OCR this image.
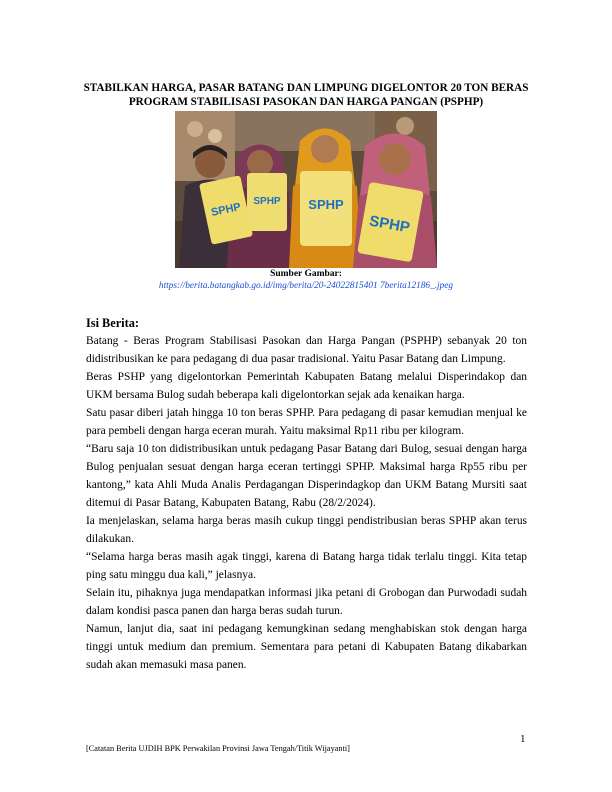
STABILKAN HARGA, PASAR BATANG DAN LIMPUNG DIGELONTOR 20 TON BERAS PROGRAM STABILISASI PASOKAN DAN HARGA PANGAN (PSPHP)
SPHP SPHP SPHP
SPHP
Sumber Gambar:
https://berita.batangkab.go.id/img/berita/20-24022815401 7berita12186_.jpeg
Isi Berita:

Batang - Beras Program Stabilisasi Pasokan dan Harga Pangan (PSPHP) sebanyak 20 ton didistribusikan ke para pedagang di dua pasar tradisional. Yaitu Pasar Batang dan Limpung.

Beras PSHP yang digelontorkan Pemerintah Kabupaten Batang melalui Disperindakop dan UKM bersama Bulog sudah beberapa kali digelontorkan sejak ada kenaikan harga.

Satu pasar diberi jatah hingga 10 ton beras SPHP. Para pedagang di pasar kemudian menjual ke para pembeli dengan harga eceran murah. Yaitu maksimal Rp11 ribu per kilogram.

“Baru saja 10 ton didistribusikan untuk pedagang Pasar Batang dari Bulog, sesuai dengan harga Bulog penjualan sesuat dengan harga eceran tertinggi SPHP. Maksimal harga Rp55 ribu per kantong,” kata Ahli Muda Analis Perdagangan Disperindagkop dan UKM Batang Mursiti saat ditemui di Pasar Batang, Kabupaten Batang, Rabu (28/2/2024).

Ia menjelaskan, selama harga beras masih cukup tinggi pendistribusian beras SPHP akan terus dilakukan.

“Selama harga beras masih agak tinggi, karena di Batang harga tidak terlalu tinggi. Kita tetap ping satu minggu dua kali,” jelasnya.

Selain itu, pihaknya juga mendapatkan informasi jika petani di Grobogan dan Purwodadi sudah dalam kondisi pasca panen dan harga beras sudah turun.

Namun, lanjut dia, saat ini pedagang kemungkinan sedang menghabiskan stok dengan harga tinggi untuk medium dan premium. Sementara para petani di Kabupaten Batang dikabarkan sudah akan memasuki masa panen.

1
[Catatan Berita UJDIH BPK Perwakilan Provinsi Jawa Tengah/Titik Wijayanti]
